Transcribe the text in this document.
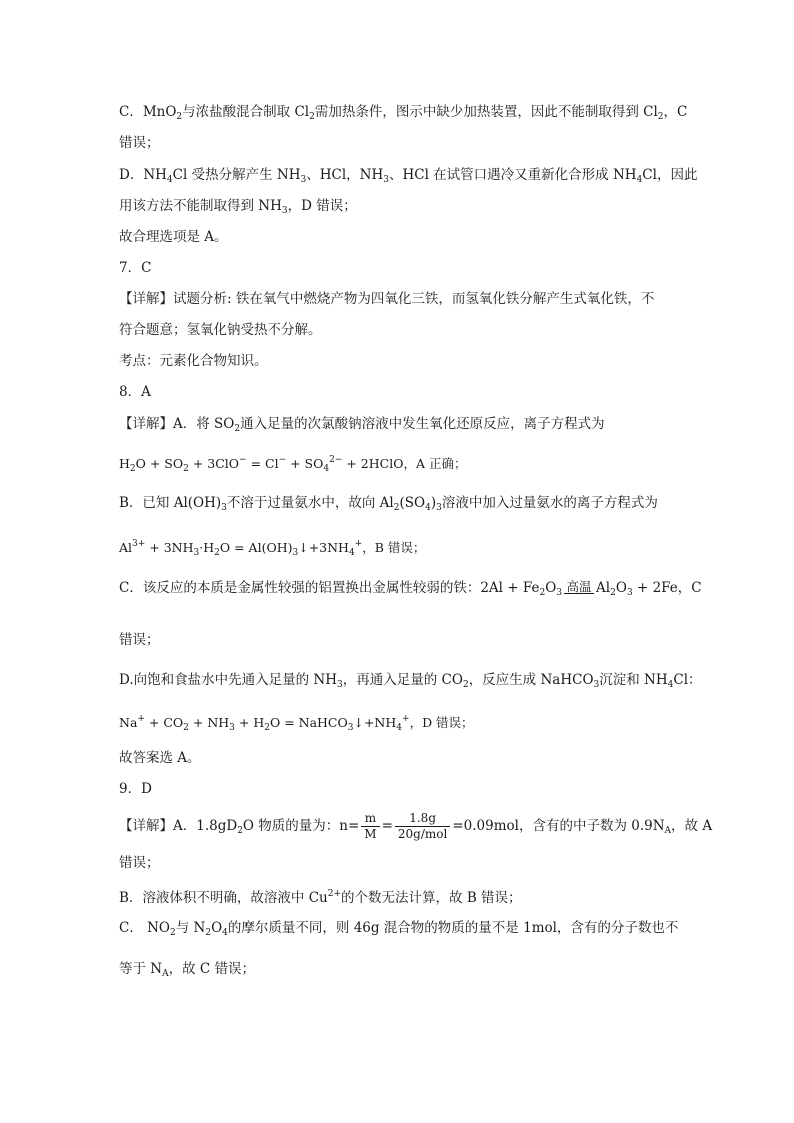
C．MnO$_2$与浓盐酸混合制取 $Cl_2$需加热条件，图示中缺少加热装置，因此不能制取得到 $Cl_2$，C
错误；
D．$NH_4Cl$ 受热分解产生 $NH_3$、HCl，$NH_3$、HCl 在试管口遇冷又重新化合形成 $NH_4Cl$，因此
用该方法不能制取得到 $NH_3$，D 错误；
故合理选项是 A。
7．C
【详解】试题分析: 铁在氧气中燃烧产物为四氧化三铁，而氢氧化铁分解产生式氧化铁，不
符合题意；氢氧化钠受热不分解。
考点：元素化合物知识。
8．A
【详解】A．将 $SO_2$通入足量的次氯酸钠溶液中发生氧化还原反应，离子方程式为
$H_2O + SO_2 + 3ClO^- = Cl^- + SO_4^{2-}$ + 2HClO，A 正确；
B．已知 $Al(OH)_3$不溶于过量氨水中，故向 $Al_2(SO_4)_3$溶液中加入过量氨水的离子方程式为
$Al^{3+} + 3NH_3\cdot H_2O$ = $Al(OH)_3↓+3NH_4^+$，B 错误；
C．该反应的本质是金属性较强的铝置换出金属性较弱的铁：$2Al + Fe_2O_3$ 高温 $Al_2O_3 + 2Fe$，C
错误；
D.向饱和食盐水中先通入足量的 $NH_3$，再通入足量的 $CO_2$，反应生成 NaHCO$_3$沉淀和 $NH_4Cl$：
$Na^+ + CO_2 + NH_3 + H_2O$ = $NaHCO_3↓+NH_4^+$，D 错误；
故答案选 A。
9．D
【详解】A．$1.8gD_2O$ 物质的量为：$n= \frac{m}{M} = \frac{1.8g}{\text{20g/mol}} =0.09mol$，含有的中子数为 $0.9N_A$，故 A
错误；
B．溶液体积不明确，故溶液中 $Cu^{2+}$的个数无法计算，故 B 错误；
C． $NO_2$与 $N_2O_4$的摩尔质量不同，则 46g 混合物的物质的量不是 1mol，含有的分子数也不
等于 $N_A$，故 C 错误；
